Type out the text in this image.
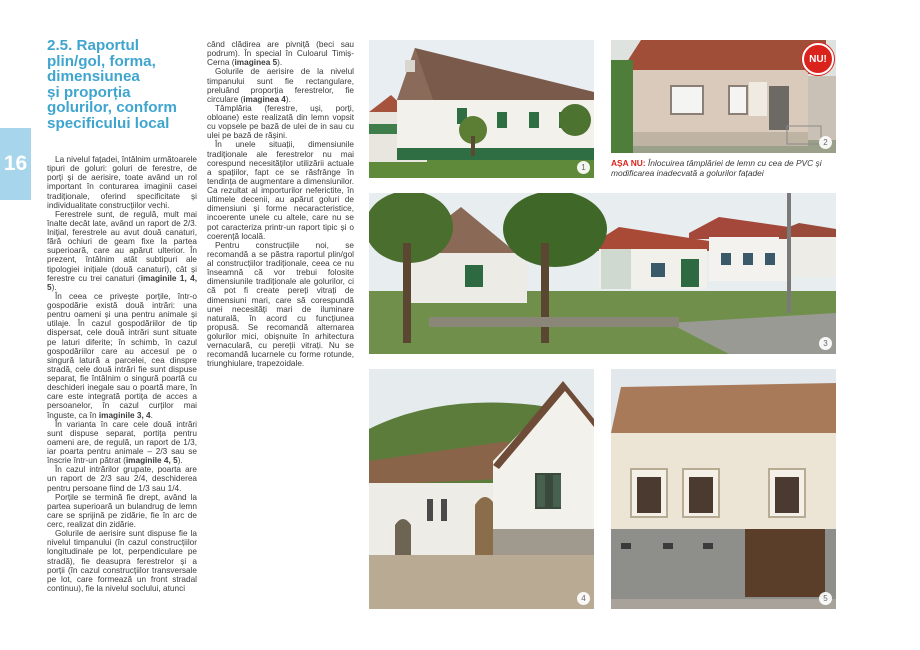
16
2.5. Raportul
plin/gol, forma,
dimensiunea
și proporția
golurilor, conform
specificului local

La nivelul fațadei, întâlnim următoarele tipuri de goluri: goluri de ferestre, de porți și de aerisire, toate având un rol important în conturarea imaginii casei tradiționale, oferind specificitate și individualitate construcțiilor vechi.

Ferestrele sunt, de regulă, mult mai înalte decât late, având un raport de 2/3. Inițial, ferestrele au avut două canaturi, fără ochiuri de geam fixe la partea superioară, care au apărut ulterior. În prezent, întâlnim atât subtipuri ale tipologiei inițiale (două canaturi), cât și ferestre cu trei canaturi (imaginile 1, 4, 5).

În ceea ce privește porțile, într-o gospodărie există două intrări: una pentru oameni și una pentru animale și utilaje. În cazul gospodăriilor de tip dispersat, cele două intrări sunt situate pe laturi diferite; în schimb, în cazul gospodăriilor care au accesul pe o singură latură a parcelei, cea dinspre stradă, cele două intrări fie sunt dispuse separat, fie întâlnim o singură poartă cu deschideri inegale sau o poartă mare, în care este integrată portița de acces a persoanelor, în cazul curților mai înguste, ca în imaginile 3, 4.

În varianta în care cele două intrări sunt dispuse separat, portița pentru oameni are, de regulă, un raport de 1/3, iar poarta pentru animale – 2/3 sau se înscrie într-un pătrat (imaginile 4, 5).

În cazul intrărilor grupate, poarta are un raport de 2/3 sau 2/4, deschiderea pentru persoane fiind de 1/3 sau 1/4.

Porțile se termină fie drept, având la partea superioară un bulandrug de lemn care se sprijină pe zidărie, fie în arc de cerc, realizat din zidărie.

Golurile de aerisire sunt dispuse fie la nivelul timpanului (în cazul construcțiilor longitudinale pe lot, perpendiculare pe stradă), fie deasupra ferestrelor și a porții (în cazul construcțiilor transversale pe lot, care formează un front stradal continuu), fie la nivelul soclului, atunci

când clădirea are pivniță (beci sau podrum). În special în Culoarul Timiș-Cerna (imaginea 5).

Golurile de aerisire de la nivelul timpanului sunt fie rectangulare, preluând proporția ferestrelor, fie circulare (imaginea 4).

Tâmplăria (ferestre, uși, porți, obloane) este realizată din lemn vopsit cu vopsele pe bază de ulei de in sau cu ulei pe bază de rășini.

În unele situații, dimensiunile tradiționale ale ferestrelor nu mai corespund necesităților utilizării actuale a spațiilor, fapt ce se răsfrânge în tendința de augmentare a dimensiunilor. Ca rezultat al importurilor neferictite, în ultimele decenii, au apărut goluri de dimensiuni și forme necaracteristice, incoerente unele cu altele, care nu se pot caracteriza printr-un raport tipic și o coerență locală.

Pentru construcțiile noi, se recomandă a se păstra raportul plin/gol al construcțiilor tradiționale, ceea ce nu înseamnă că vor trebui folosite dimensiunile tradiționale ale golurilor, ci că pot fi create pereți vitrați de dimensiuni mari, care să corespundă unei necesități mari de iluminare naturală, în acord cu funcțiunea propusă. Se recomandă alternarea golurilor mici, obișnuite în arhitectura vernaculară, cu pereții vitrați. Nu se recomandă lucarnele cu forme rotunde, triunghiulare, trapezoidale.

1
2
NU!
AȘA NU: Înlocuirea tâmplăriei de lemn cu cea de PVC și modificarea inadecvată a golurilor fațadei
3
4	5
